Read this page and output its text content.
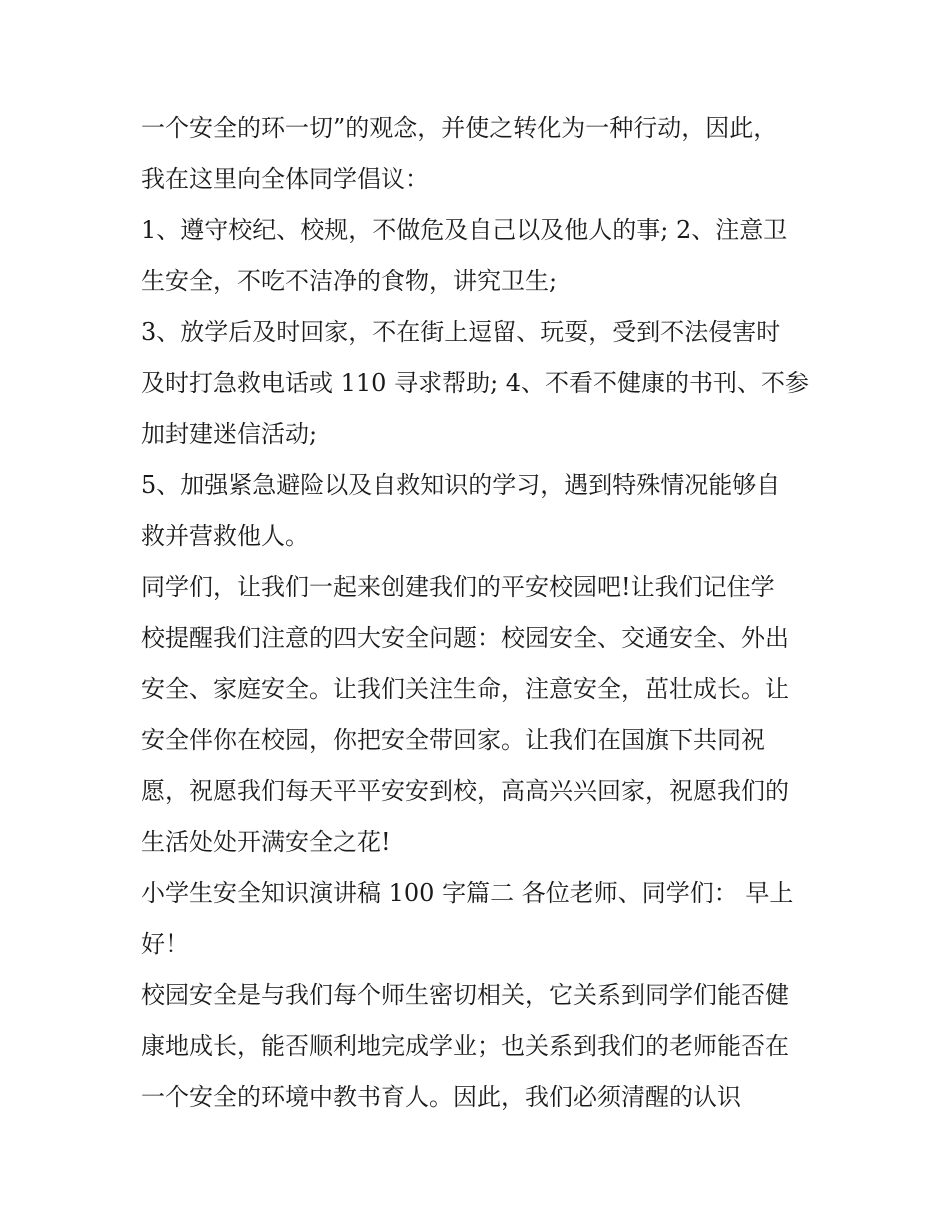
一个安全的环一切”的观念，并使之转化为一种行动，因此，

我在这里向全体同学倡议：

1、遵守校纪、校规，不做危及自己以及他人的事; 2、注意卫

生安全，不吃不洁净的食物，讲究卫生;

3、放学后及时回家，不在街上逗留、玩耍，受到不法侵害时

及时打急救电话或 110 寻求帮助; 4、不看不健康的书刊、不参

加封建迷信活动;

5、加强紧急避险以及自救知识的学习，遇到特殊情况能够自

救并营救他人。

同学们，让我们一起来创建我们的平安校园吧!让我们记住学

校提醒我们注意的四大安全问题：校园安全、交通安全、外出

安全、家庭安全。让我们关注生命，注意安全，茁壮成长。让

安全伴你在校园，你把安全带回家。让我们在国旗下共同祝

愿，祝愿我们每天平平安安到校，高高兴兴回家，祝愿我们的

生活处处开满安全之花!

小学生安全知识演讲稿 100 字篇二 各位老师、同学们： 早上

好！

校园安全是与我们每个师生密切相关，它关系到同学们能否健

康地成长，能否顺利地完成学业；也关系到我们的老师能否在

一个安全的环境中教书育人。因此，我们必须清醒的认识
